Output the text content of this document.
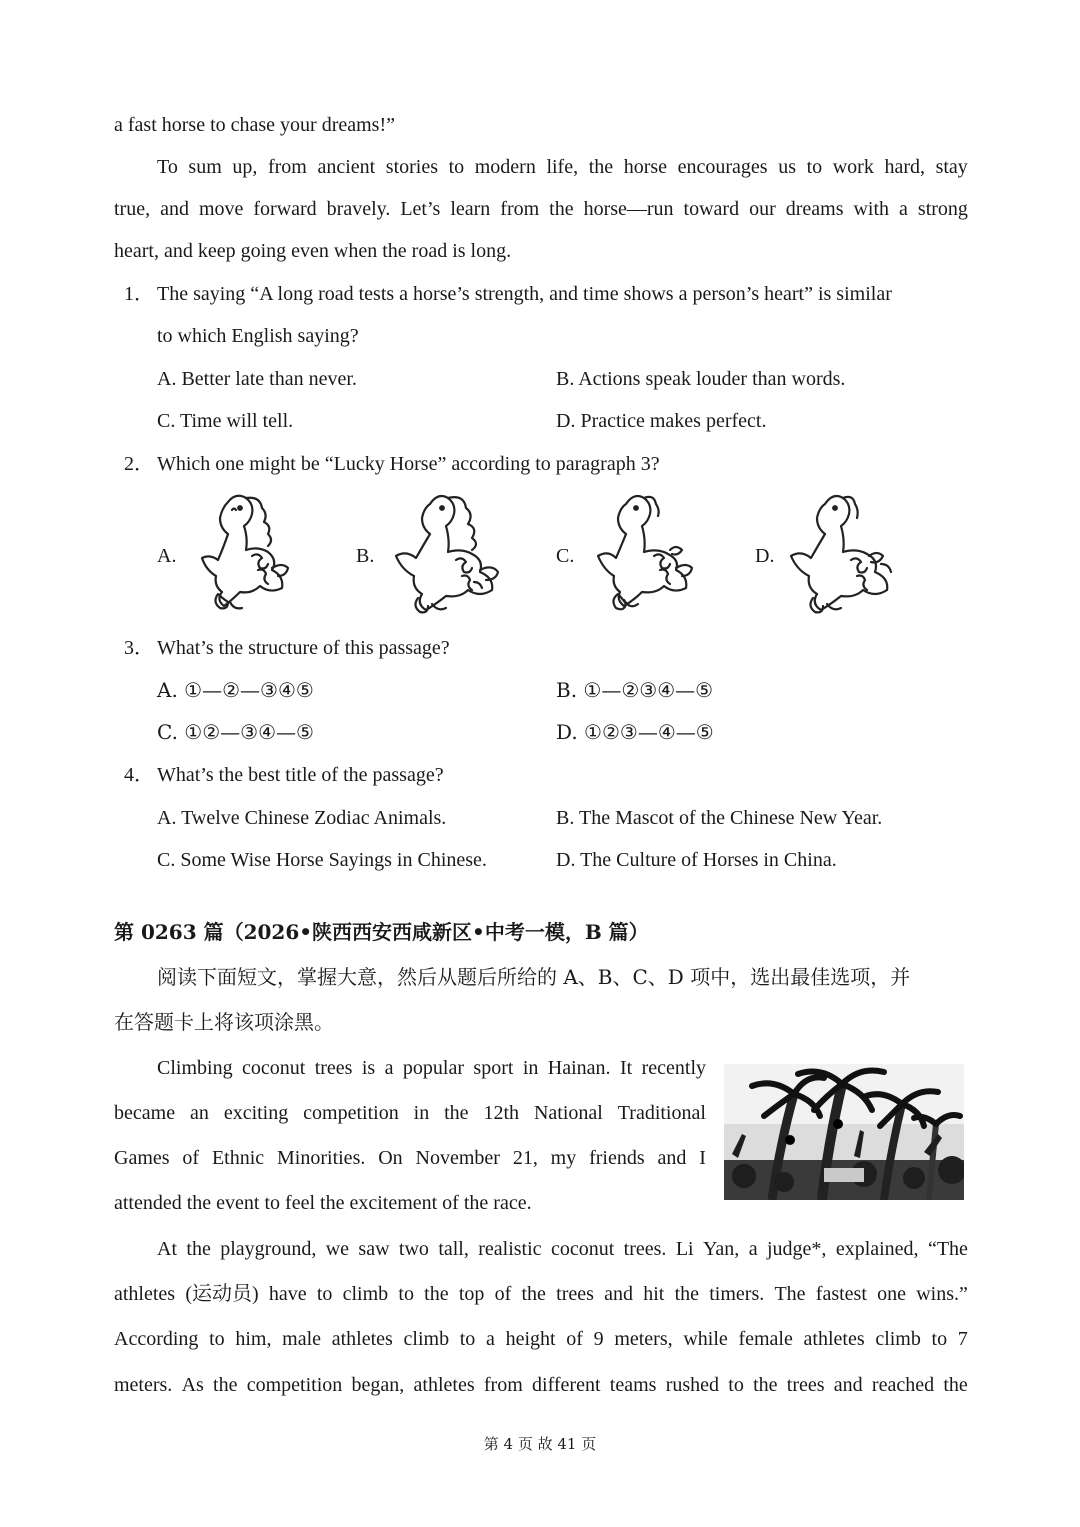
a fast horse to chase your dreams!”
To sum up, from ancient stories to modern life, the horse encourages us to work hard, stay
true, and move forward bravely. Let’s learn from the horse—run toward our dreams with a strong
heart, and keep going even when the road is long.
1． The saying “A long road tests a horse’s strength, and time shows a person’s heart” is similar
to which English saying?
A. Better late than never.	B. Actions speak louder than words.
C. Time will tell.	D. Practice makes perfect.
2． Which one might be “Lucky Horse” according to paragraph 3?
A.	B.	C.	D.
3． What’s the structure of this passage?
A. ①—②—③④⑤	B. ①—②③④—⑤
C. ①②—③④—⑤	D. ①②③—④—⑤
4． What’s the best title of the passage?
A. Twelve Chinese Zodiac Animals.	B. The Mascot of the Chinese New Year.
C. Some Wise Horse Sayings in Chinese.	D. The Culture of Horses in China.
第 0263 篇（2026•陕西西安西咸新区•中考一模，B 篇）
阅读下面短文，掌握大意，然后从题后所给的 A、B、C、D 项中，选出最佳选项，并
在答题卡上将该项涂黑。
Climbing coconut trees is a popular sport in Hainan. It recently
became an exciting competition in the 12th National Traditional
Games of Ethnic Minorities. On November 21, my friends and I
attended the event to feel the excitement of the race.
At the playground, we saw two tall, realistic coconut trees. Li Yan, a judge*, explained, “The
athletes (运动员) have to climb to the top of the trees and hit the timers. The fastest one wins.”
According to him, male athletes climb to a height of 9 meters, while female athletes climb to 7
meters. As the competition began, athletes from different teams rushed to the trees and reached the
第 4 页 故 41 页
